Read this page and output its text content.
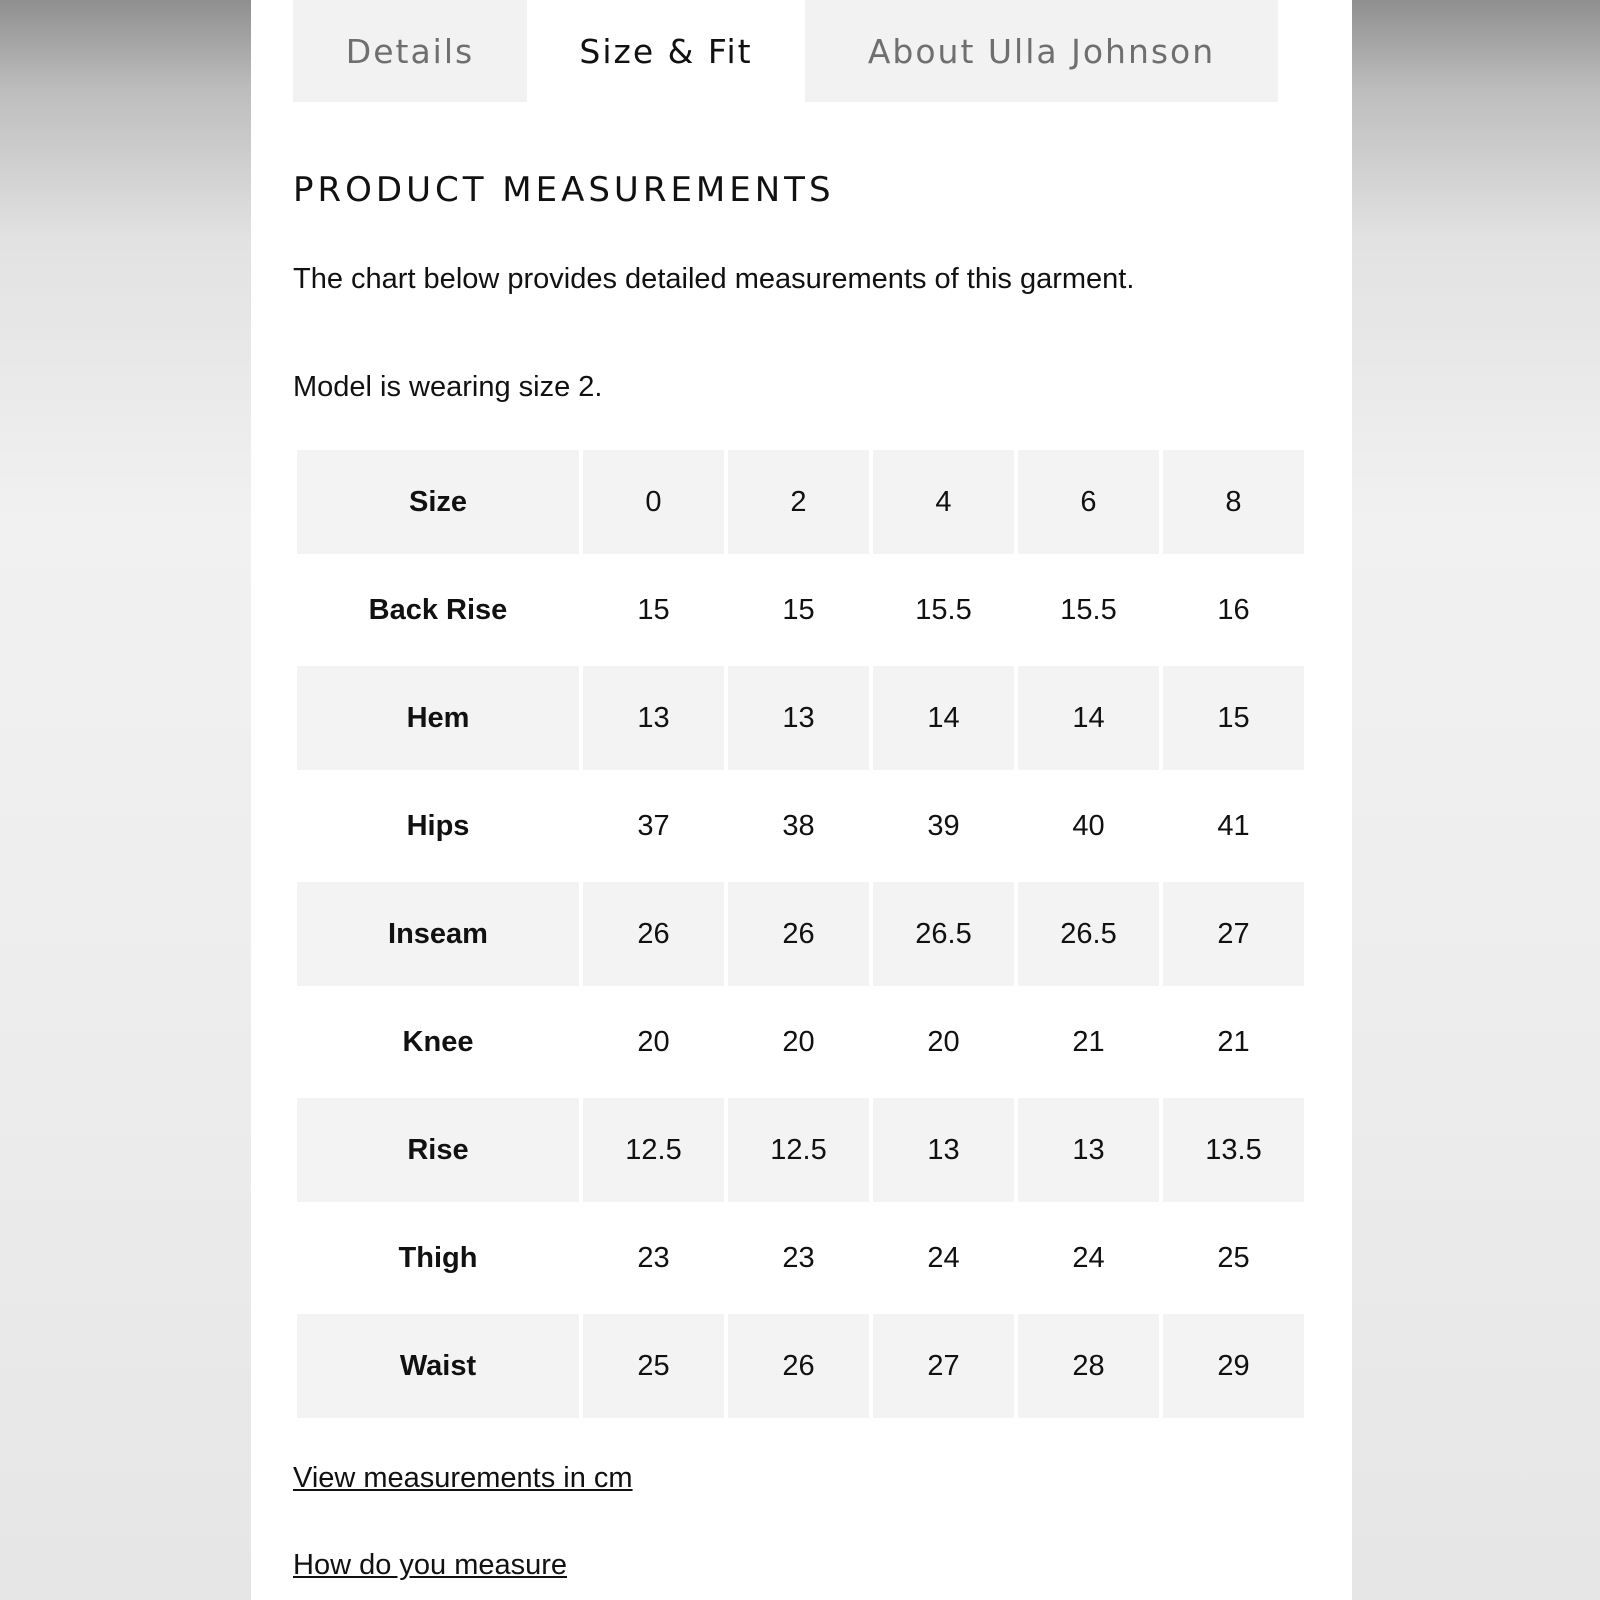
Details	Size & Fit	About Ulla Johnson
PRODUCT MEASUREMENTS

The chart below provides detailed measurements of this garment.

Model is wearing size 2.

Size	0	2	4	6	8
Back Rise	15	15	15.5	15.5	16
Hem	13	13	14	14	15
Hips	37	38	39	40	41
Inseam	26	26	26.5	26.5	27
Knee	20	20	20	21	21
Rise	12.5	12.5	13	13	13.5
Thigh	23	23	24	24	25
Waist	25	26	27	28	29
View measurements in cm
How do you measure
